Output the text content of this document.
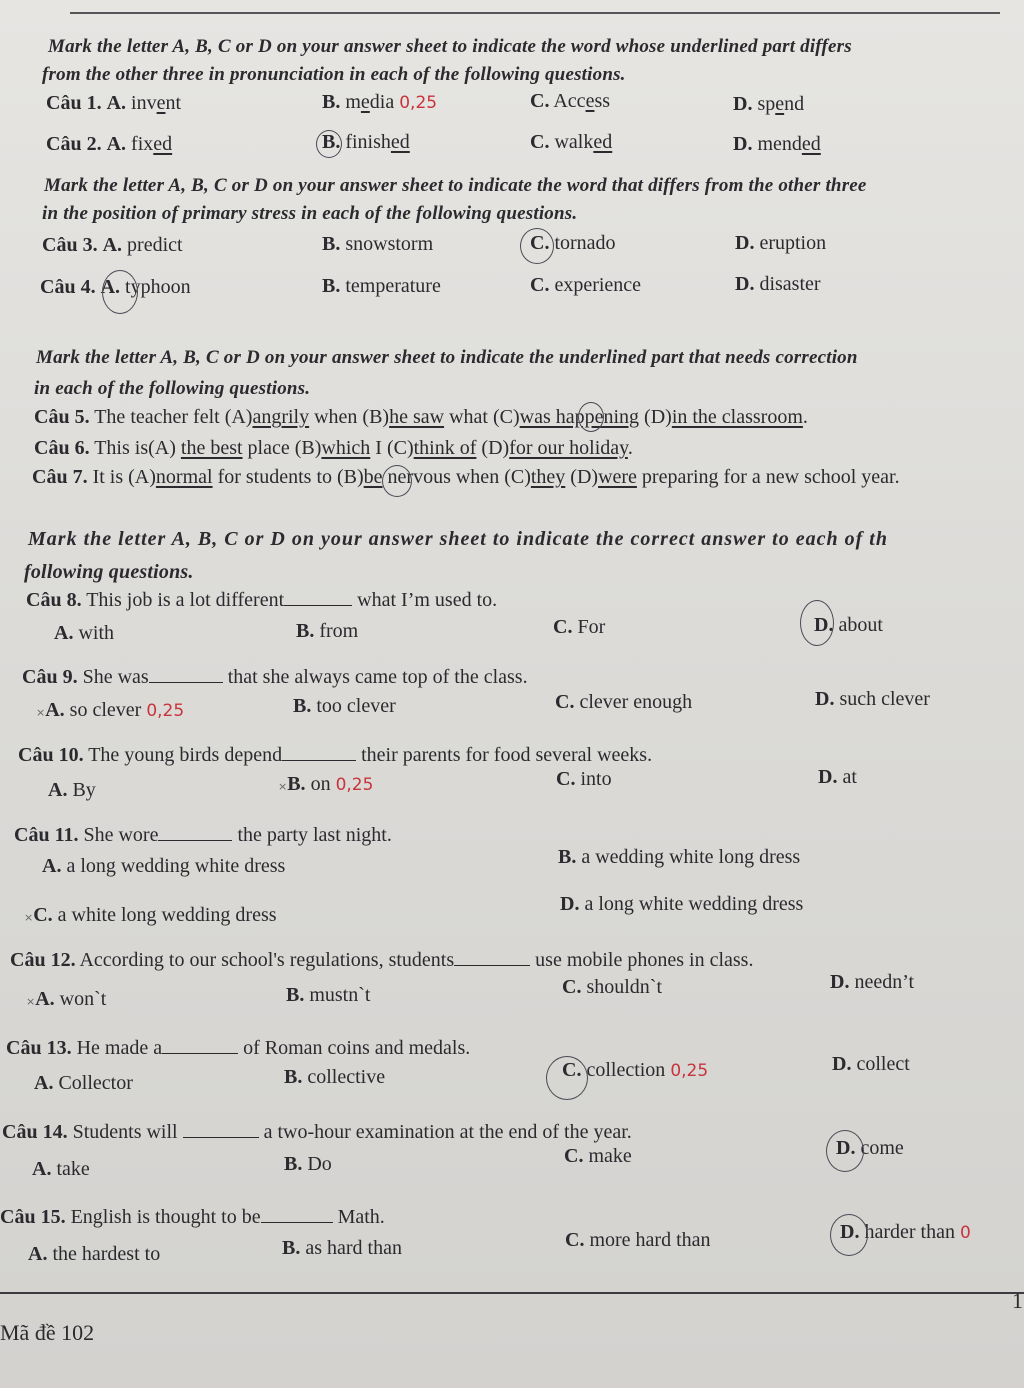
Mark the letter A, B, C or D on your answer sheet to indicate the word whose underlined part differs
from the other three in pronunciation in each of the following questions.
Câu 1. A. invent	B. media 0,25	C. Access	D. spend
Câu 2. A. fixed	B. finished	C. walked	D. mended
Mark the letter A, B, C or D on your answer sheet to indicate the word that differs from the other three
in the position of primary stress in each of the following questions.
Câu 3. A. predict	B. snowstorm	C. tornado	D. eruption
Câu 4. A. typhoon	B. temperature	C. experience	D. disaster
Mark the letter A, B, C or D on your answer sheet to indicate the underlined part that needs correction
in each of the following questions.
Câu 5. The teacher felt (A)angrily when (B)he saw what (C)was happening (D)in the classroom.
Câu 6. This is(A) the best place (B)which I (C)think of (D)for our holiday.
Câu 7. It is (A)normal for students to (B)be nervous when (C)they (D)were preparing for a new school year.
Mark the letter A, B, C or D on your answer sheet to indicate the correct answer to each of th
following questions.
Câu 8. This job is a lot different	what I’m used to.
A. with	B. from	C. For	D. about
Câu 9. She was	that she always came top of the class.
×A. so clever 0,25	B. too clever	C. clever enough	D. such clever
Câu 10. The young birds depend	their parents for food several weeks.
A. By	×B. on 0,25	C. into	D. at
Câu 11. She wore	the party last night.
A. a long wedding white dress	B. a wedding white long dress
×C. a white long wedding dress	D. a long white wedding dress
Câu 12. According to our school's regulations, students	use mobile phones in class.
×A. won`t	B. mustn`t	C. shouldn`t	D. needn’t
Câu 13. He made a	of Roman coins and medals.
A. Collector	B. collective	C. collection 0,25	D. collect
Câu 14. Students will	a two-hour examination at the end of the year.
A. take	B. Do	C. make	D. come
Câu 15. English is thought to be	Math.
A. the hardest to	B. as hard than	C. more hard than	D. harder than 0
Mã đề 102
1
